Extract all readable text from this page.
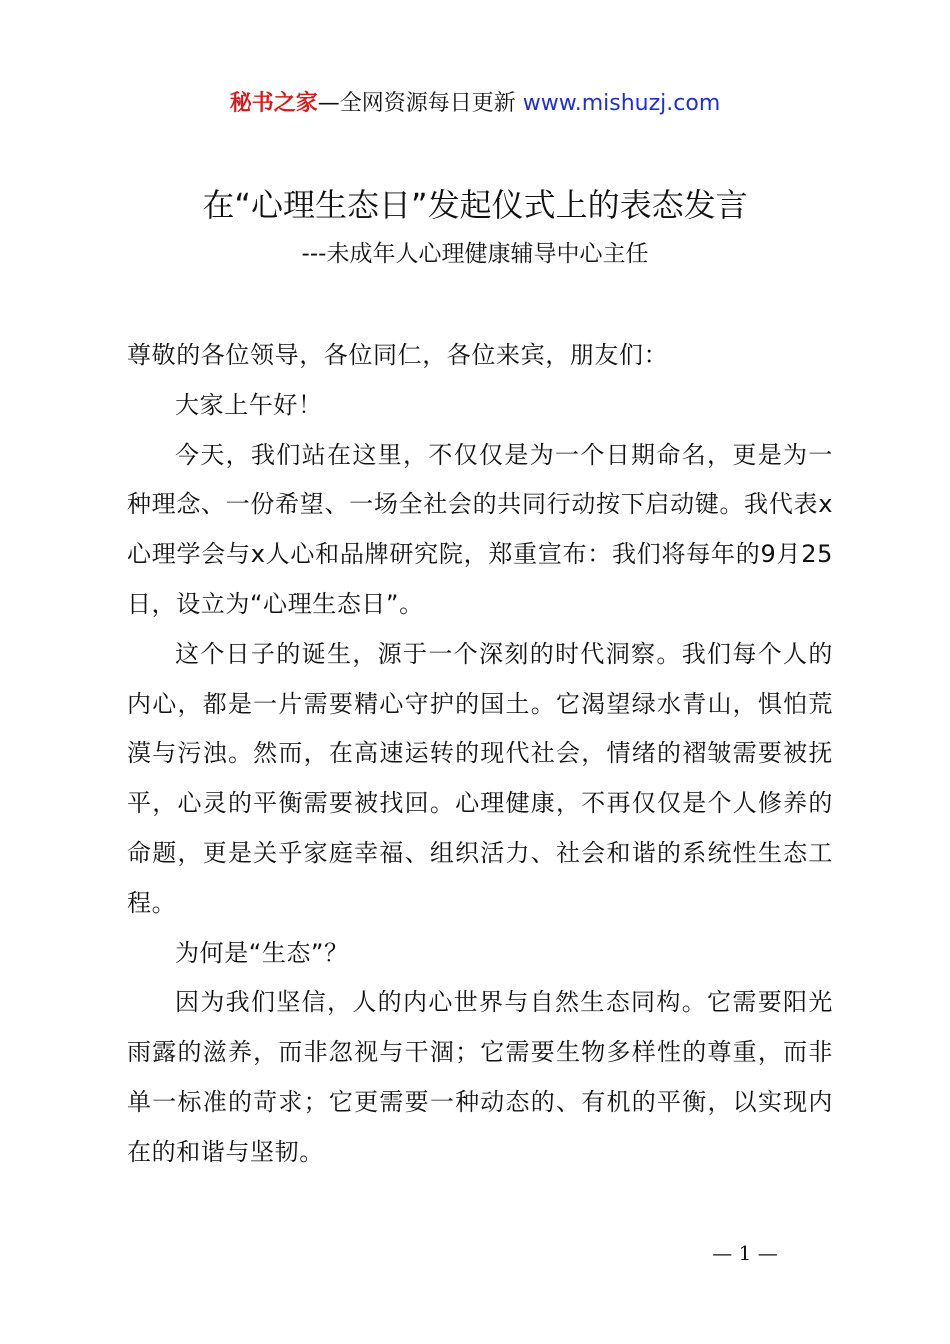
秘书之家—全网资源每日更新 www.mishuzj.com
在“心理生态日”发起仪式上的表态发言
---未成年人心理健康辅导中心主任

尊敬的各位领导，各位同仁，各位来宾，朋友们：

大家上午好！

今天，我们站在这里，不仅仅是为一个日期命名，更是为一种理念、一份希望、一场全社会的共同行动按下启动键。我代表x心理学会与x人心和品牌研究院，郑重宣布：我们将每年的9月25日，设立为“心理生态日”。

这个日子的诞生，源于一个深刻的时代洞察。我们每个人的内心，都是一片需要精心守护的国土。它渴望绿水青山，惧怕荒漠与污浊。然而，在高速运转的现代社会，情绪的褶皱需要被抚平，心灵的平衡需要被找回。心理健康，不再仅仅是个人修养的命题，更是关乎家庭幸福、组织活力、社会和谐的系统性生态工程。

为何是“生态”？

因为我们坚信，人的内心世界与自然生态同构。它需要阳光雨露的滋养，而非忽视与干涸；它需要生物多样性的尊重，而非单一标准的苛求；它更需要一种动态的、有机的平衡，以实现内在的和谐与坚韧。

— 1 —
